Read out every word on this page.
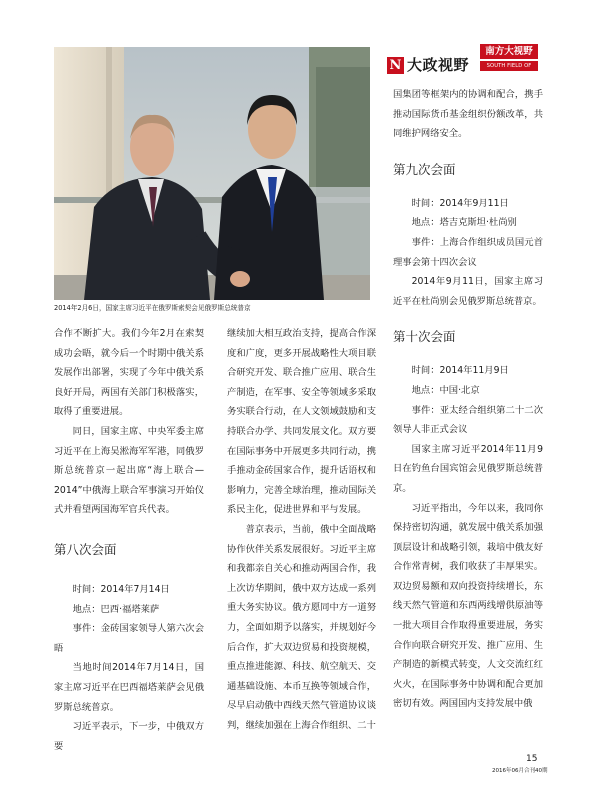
2014年2月6日，国家主席习近平在俄罗斯索契会见俄罗斯总统普京
N 大政视野
南方大视野
SOUTH FIELD OF VISION

合作不断扩大。我们今年2月在索契成功会晤，就今后一个时期中俄关系发展作出部署，实现了今年中俄关系良好开局，两国有关部门积极落实，取得了重要进展。

同日，国家主席、中央军委主席习近平在上海吴淞海军军港，同俄罗斯总统普京一起出席“海上联合—2014”中俄海上联合军事演习开始仪式并看望两国海军官兵代表。

第八次会面

时间：2014年7月14日

地点：巴西·福塔莱萨

事件：金砖国家领导人第六次会晤

当地时间2014年7月14日，国家主席习近平在巴西福塔莱萨会见俄罗斯总统普京。

习近平表示，下一步，中俄双方要

继续加大相互政治支持，提高合作深度和广度，更多开展战略性大项目联合研究开发、联合推广应用、联合生产制造，在军事、安全等领域多采取务实联合行动，在人文领域鼓励和支持联合办学、共同发展文化。双方要在国际事务中开展更多共同行动，携手推动金砖国家合作，提升话语权和影响力，完善全球治理，推动国际关系民主化，促进世界和平与发展。

普京表示，当前，俄中全面战略协作伙伴关系发展很好。习近平主席和我都亲自关心和推动两国合作，我上次访华期间，俄中双方达成一系列重大务实协议。俄方愿同中方一道努力，全面如期予以落实，并规划好今后合作，扩大双边贸易和投资规模，重点推进能源、科技、航空航天、交通基础设施、本币互换等领域合作，尽早启动俄中西线天然气管道协议谈判，继续加强在上海合作组织、二十

国集团等框架内的协调和配合，携手推动国际货币基金组织份额改革，共同维护网络安全。

第九次会面

时间：2014年9月11日

地点：塔吉克斯坦·杜尚别

事件：上海合作组织成员国元首理事会第十四次会议

2014年9月11日，国家主席习近平在杜尚别会见俄罗斯总统普京。

第十次会面

时间：2014年11月9日

地点：中国·北京

事件：亚太经合组织第二十二次领导人非正式会议

国家主席习近平2014年11月9日在钓鱼台国宾馆会见俄罗斯总统普京。

习近平指出，今年以来，我同你保持密切沟通，就发展中俄关系加强顶层设计和战略引领，栽培中俄友好合作常青树，我们收获了丰厚果实。双边贸易额和双向投资持续增长，东线天然气管道和东西两线增供原油等一批大项目合作取得重要进展，务实合作向联合研究开发、推广应用、生产制造的新模式转变，人文交流红红火火，在国际事务中协调和配合更加密切有效。两国国内支持发展中俄

15
2016年06月合刊40期
